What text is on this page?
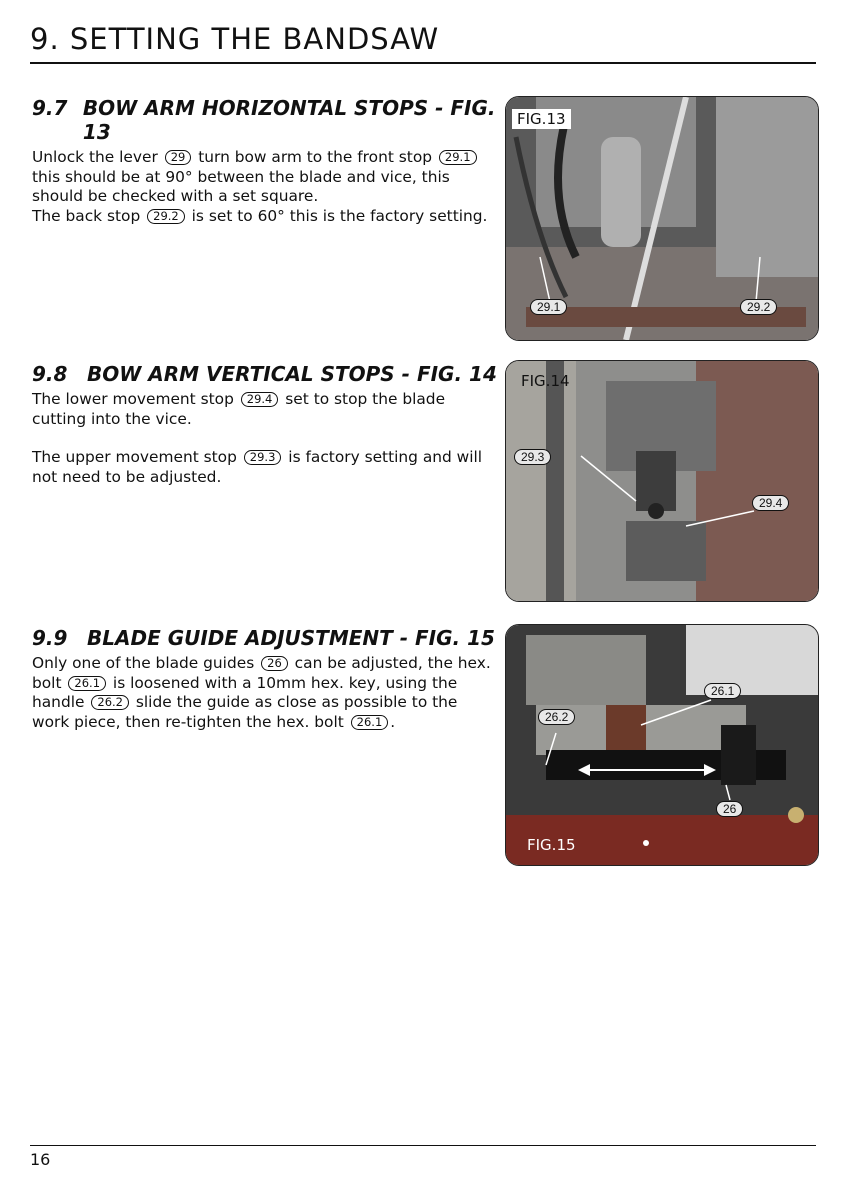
9. SETTING THE BANDSAW
9.7 BOW ARM HORIZONTAL STOPS - FIG. 13

Unlock the lever 29 turn bow arm to the front stop 29.1 this should be at 90° between the blade and vice, this should be checked with a set square.

The back stop 29.2 is set to 60° this is the factory setting.

FIG.13
29.1	29.2
9.8 BOW ARM VERTICAL STOPS - FIG. 14

The lower movement stop 29.4 set to stop the blade cutting into the vice.

The upper movement stop 29.3 is factory setting and will not need to be adjusted.

FIG.14
29.3
29.4
9.9 BLADE GUIDE ADJUSTMENT - FIG. 15

Only one of the blade guides 26 can be adjusted, the hex. bolt 26.1 is loosened with a 10mm hex. key, using the handle 26.2 slide the guide as close as possible to the work piece, then re-tighten the hex. bolt 26.1 .

FIG.15
26.1
26.2
26
16
